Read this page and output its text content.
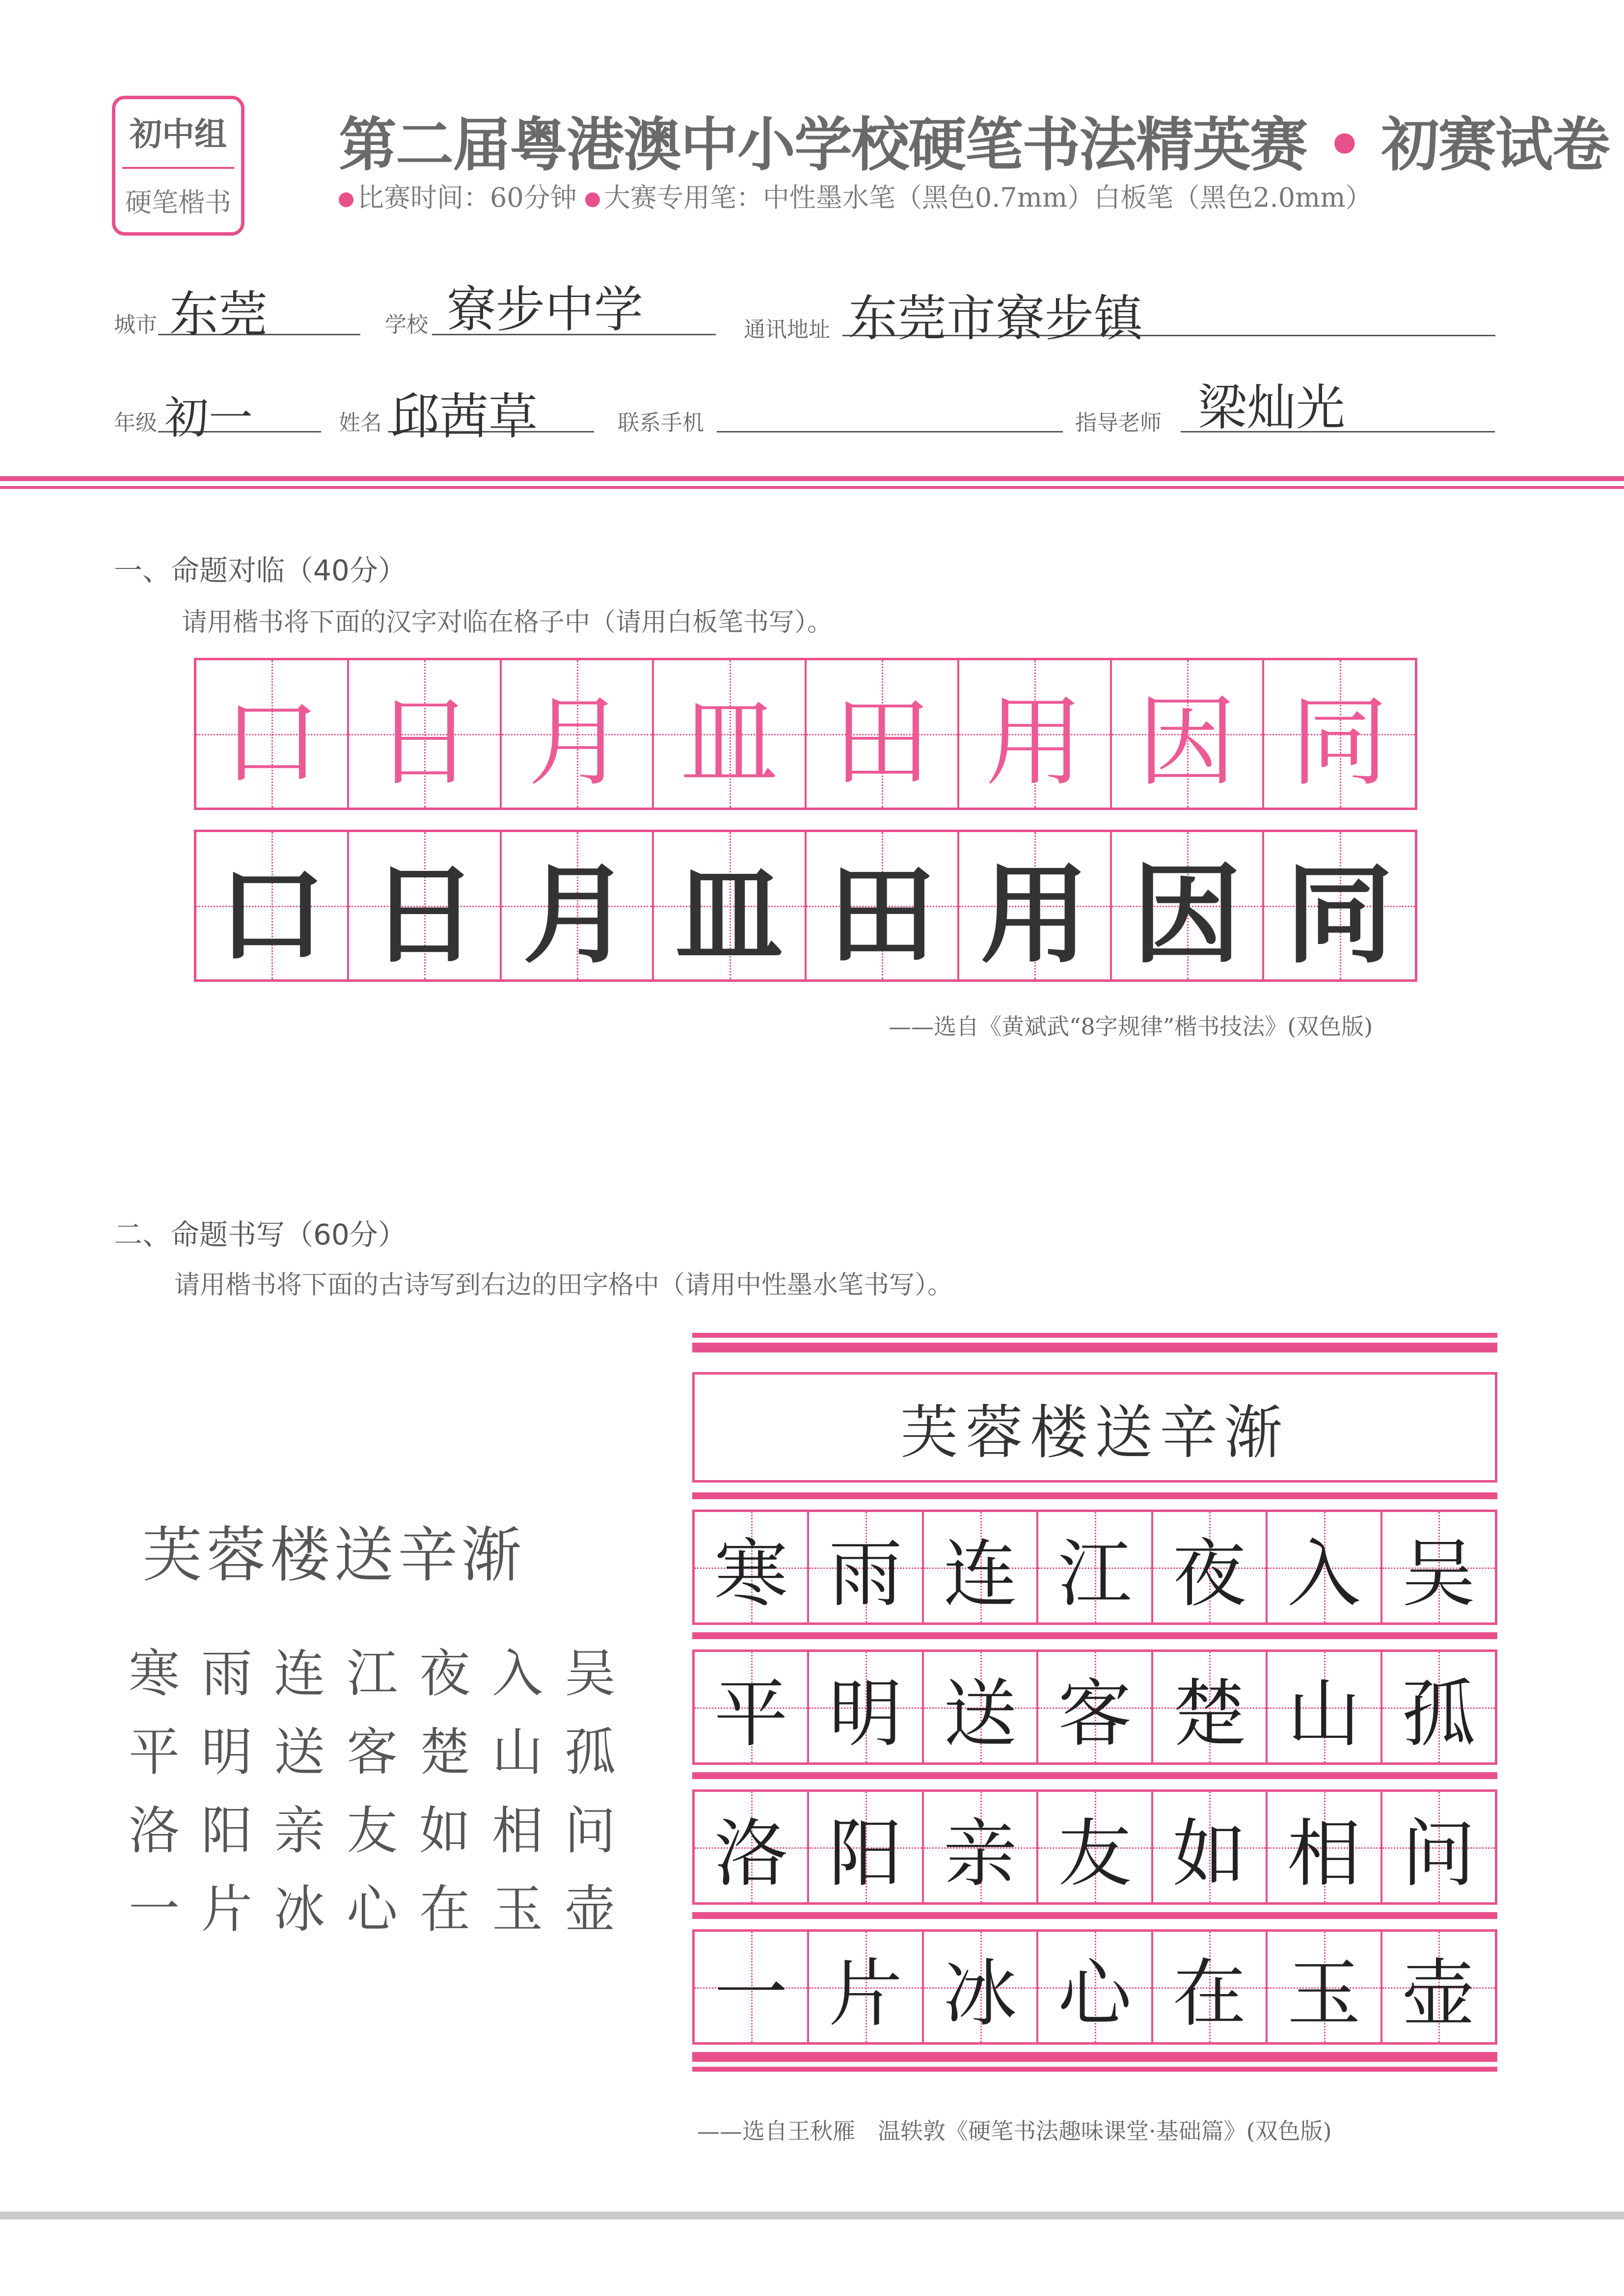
初中组
硬笔楷书
第二届粤港澳中小学校硬笔书法精英赛 • 初赛试卷
比赛时间：60分钟 大赛专用笔：中性墨水笔（黑色0.7mm）白板笔（黑色2.0mm）
城市 东莞	学校 寮步中学	通讯地址 东莞市寮步镇
年级 初一	姓名 邱茜草	联系手机	指导老师 梁灿光
一、命题对临（40分）
请用楷书将下面的汉字对临在格子中（请用白板笔书写）。
口 日 月 皿 田 用 因 同
口 日 月 皿 田 用 因 同
——选自《黄斌武“8字规律”楷书技法》(双色版)
二、命题书写（60分）
请用楷书将下面的古诗写到右边的田字格中（请用中性墨水笔书写）。
芙蓉楼送辛渐
寒雨连江夜入吴
平明送客楚山孤
洛阳亲友如相问
一片冰心在玉壶
芙蓉楼送辛渐
寒 雨 连 江 夜 入 吴
平 明 送 客 楚 山 孤
洛 阳 亲 友 如 相 问
一 片 冰 心 在 玉 壶
——选自王秋雁　温轶敦《硬笔书法趣味课堂·基础篇》(双色版)
